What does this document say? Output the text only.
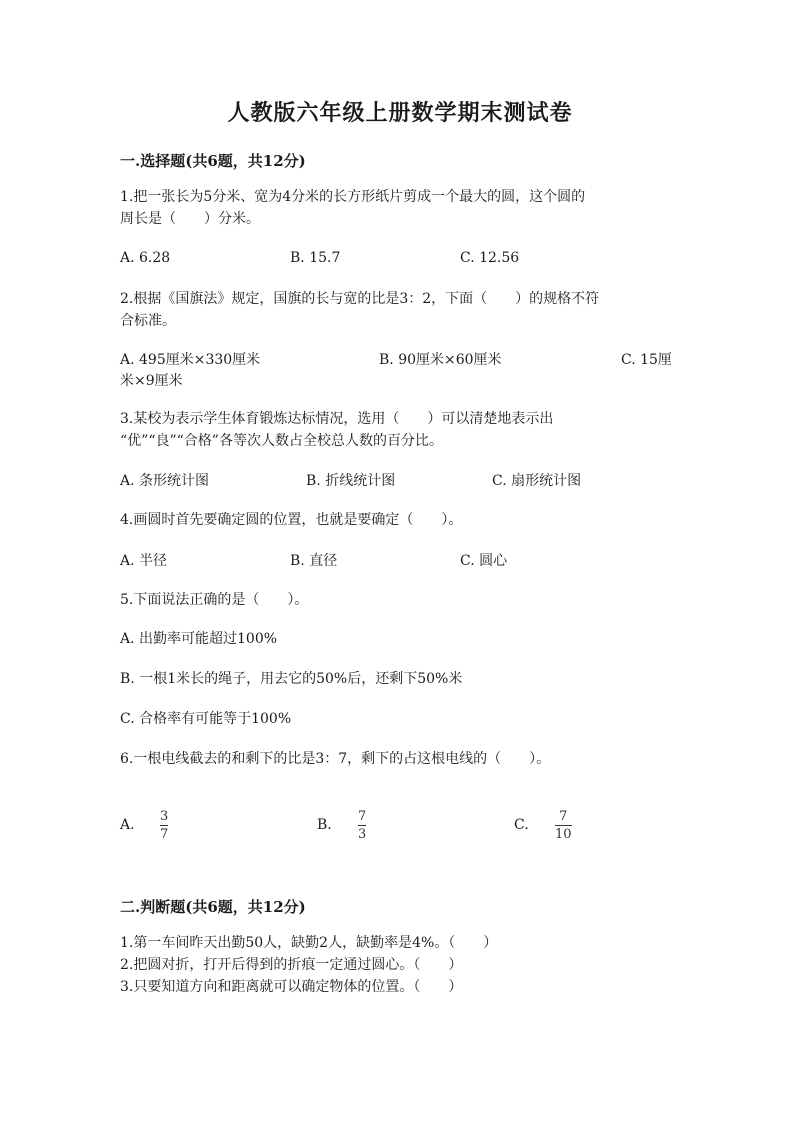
人教版六年级上册数学期末测试卷
一.选择题(共6题，共12分)
1.把一张长为5分米、宽为4分米的长方形纸片剪成一个最大的圆，这个圆的
周长是（　　）分米。
A. 6.28	B. 15.7	C. 12.56
2.根据《国旗法》规定，国旗的长与宽的比是3：2，下面（　　）的规格不符
合标准。
A. 495厘米×330厘米	B. 90厘米×60厘米	C. 15厘
米×9厘米
3.某校为表示学生体育锻炼达标情况，选用（　　）可以清楚地表示出
“优”“良”“合格”各等次人数占全校总人数的百分比。
A. 条形统计图	B. 折线统计图	C. 扇形统计图
4.画圆时首先要确定圆的位置，也就是要确定（　　）。
A. 半径	B. 直径	C. 圆心
5.下面说法正确的是（　　）。
A. 出勤率可能超过100%
B. 一根1米长的绳子，用去它的50%后，还剩下50%米
C. 合格率有可能等于100%
6.一根电线截去的和剩下的比是3：7，剩下的占这根电线的（　　）。
A.
3
7
B.
7
3
C.
7
10
二.判断题(共6题，共12分)
1.第一车间昨天出勤50人，缺勤2人，缺勤率是4%。（　　）
2.把圆对折，打开后得到的折痕一定通过圆心。（　　）
3.只要知道方向和距离就可以确定物体的位置。（　　）
